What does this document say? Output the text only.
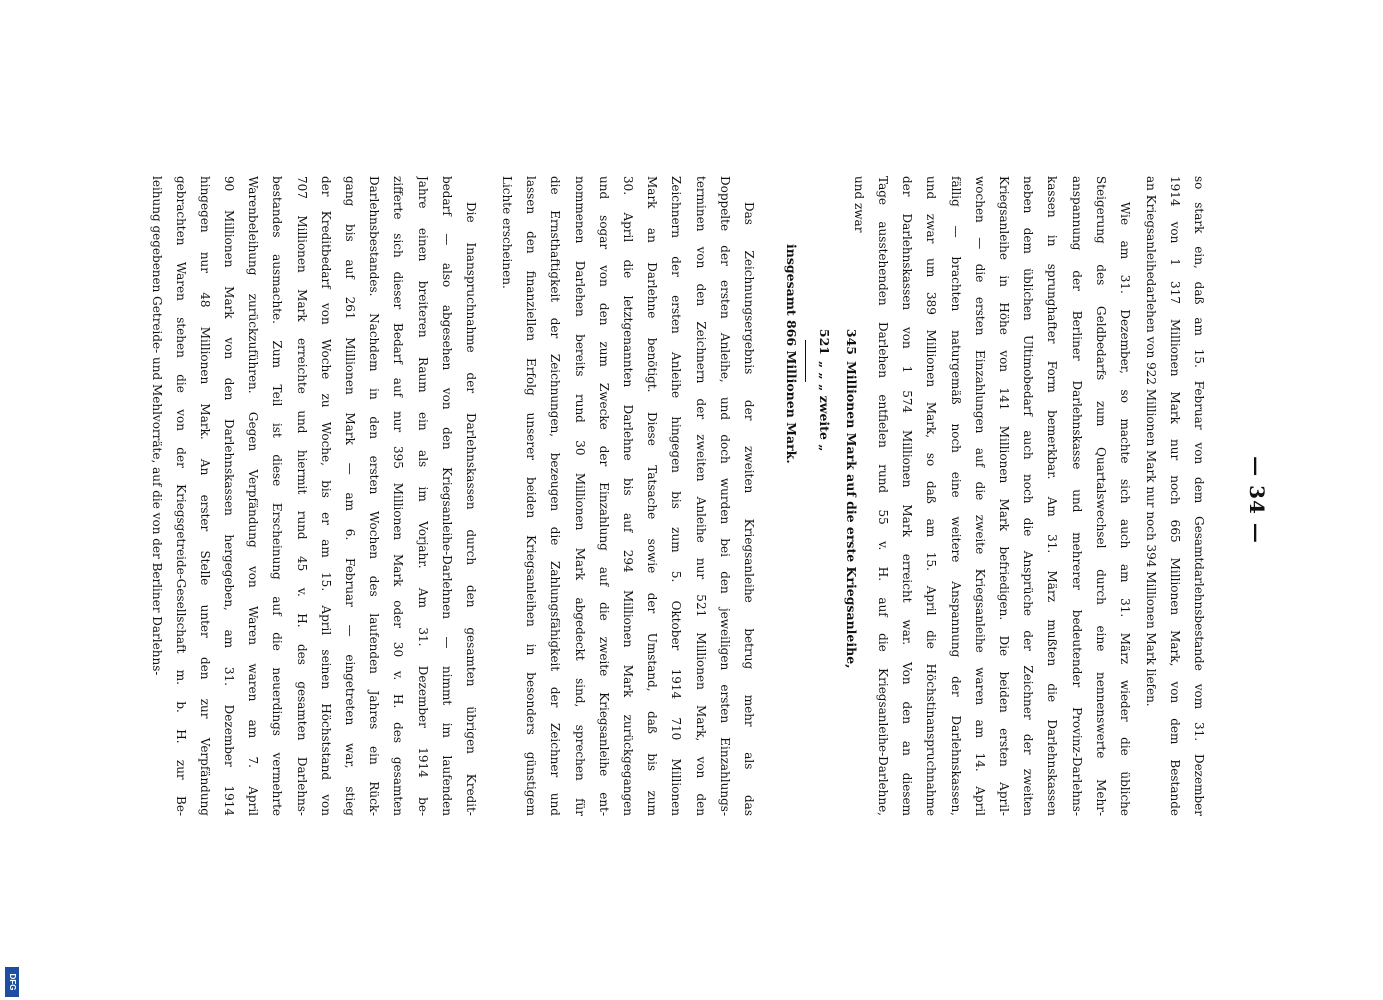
— 34 —
so stark ein, daß am 15. Februar von dem Gesamtdarlehnsbestande vom 31. Dezember
1914 von 1 317 Millionen Mark nur noch 665 Millionen Mark, von dem Bestande
an Kriegsanleihedarlehen von 922 Millionen Mark nur noch 394 Millionen Mark liefen.
Wie am 31. Dezember, so machte sich auch am 31. März wieder die übliche
Steigerung des Geldbedarfs zum Quartalswechsel durch eine nennenswerte Mehr-
anspannung der Berliner Darlehnskasse und mehrerer bedeutender Provinz-Darlehns-
kassen in sprunghafter Form bemerkbar. Am 31. März mußten die Darlehnskassen
neben dem üblichen Ultimobedarf auch noch die Ansprüche der Zeichner der zweiten
Kriegsanleihe in Höhe von 141 Millionen Mark befriedigen. Die beiden ersten April-
wochen — die ersten Einzahlungen auf die zweite Kriegsanleihe waren am 14. April
fällig — brachten naturgemäß noch eine weitere Anspannung der Darlehnskassen,
und zwar um 389 Millionen Mark, so daß am 15. April die Höchstinanspruchnahme
der Darlehnskassen von 1 574 Millionen Mark erreicht war. Von den an diesem
Tage ausstehenden Darlehen entfielen rund 55 v. H. auf die Kriegsanleihe-Darlehne,
und zwar
345Millionen Mark auf die erste Kriegsanleihe,
521„ „ „ zweite „
insgesamt 866 Millionen Mark.
Das Zeichnungsergebnis der zweiten Kriegsanleihe betrug mehr als das
Doppelte der ersten Anleihe, und doch wurden bei den jeweiligen ersten Einzahlungs-
terminen von den Zeichnern der zweiten Anleihe nur 521 Millionen Mark, von den
Zeichnern der ersten Anleihe hingegen bis zum 5. Oktober 1914 710 Millionen
Mark an Darlehne benötigt. Diese Tatsache sowie der Umstand, daß bis zum
30. April die letztgenannten Darlehne bis auf 294 Millionen Mark zurückgegangen
und sogar von den zum Zwecke der Einzahlung auf die zweite Kriegsanleihe ent-
nommenen Darlehen bereits rund 30 Millionen Mark abgedeckt sind, sprechen für
die Ernsthaftigkeit der Zeichnungen, bezeugen die Zahlungsfähigkeit der Zeichner und
lassen den finanziellen Erfolg unserer beiden Kriegsanleihen in besonders günstigem
Lichte erscheinen.
Die Inanspruchnahme der Darlehnskassen durch den gesamten übrigen Kredit-
bedarf — also abgesehen von den Kriegsanleihe-Darlehnen — nimmt im laufenden
Jahre einen breiteren Raum ein als im Vorjahr. Am 31. Dezember 1914 be-
zifferte sich dieser Bedarf auf nur 395 Millionen Mark oder 30 v. H. des gesamten
Darlehnsbestandes. Nachdem in den ersten Wochen des laufenden Jahres ein Rück-
gang bis auf 261 Millionen Mark — am 6. Februar — eingetreten war, stieg
der Kreditbedarf von Woche zu Woche, bis er am 15. April seinen Höchststand von
707 Millionen Mark erreichte und hiermit rund 45 v. H. des gesamten Darlehns-
bestandes ausmachte. Zum Teil ist diese Erscheinung auf die neuerdings vermehrte
Warenbeleihung zurückzuführen. Gegen Verpfändung von Waren waren am 7. April
90 Millionen Mark von den Darlehnskassen hergegeben, am 31. Dezember 1914
hingegen nur 48 Millionen Mark. An erster Stelle unter den zur Verpfändung
gebrachten Waren stehen die von der Kriegsgetreide-Gesellschaft m. b. H. zur Be-
leihung gegebenen Getreide- und Mehlvorräte, auf die von der Berliner Darlehns-
DFG
